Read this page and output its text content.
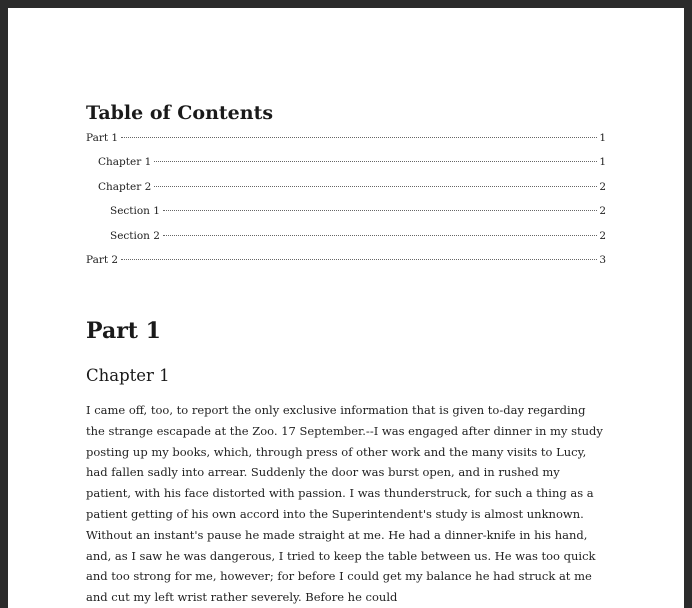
Table of Contents
Part 1	1
Chapter 1	1
Chapter 2	2
Section 1	2
Section 2	2
Part 2	3
Part 1
Chapter 1

I came off, too, to report the only exclusive information that is given to-day regarding the strange escapade at the Zoo. 17 September.--I was engaged after dinner in my study posting up my books, which, through press of other work and the many visits to Lucy, had fallen sadly into arrear. Suddenly the door was burst open, and in rushed my patient, with his face distorted with passion. I was thunderstruck, for such a thing as a patient getting of his own accord into the Superintendent's study is almost unknown. Without an instant's pause he made straight at me. He had a dinner-knife in his hand, and, as I saw he was dangerous, I tried to keep the table between us. He was too quick and too strong for me, however; for before I could get my balance he had struck at me and cut my left wrist rather severely. Before he could
